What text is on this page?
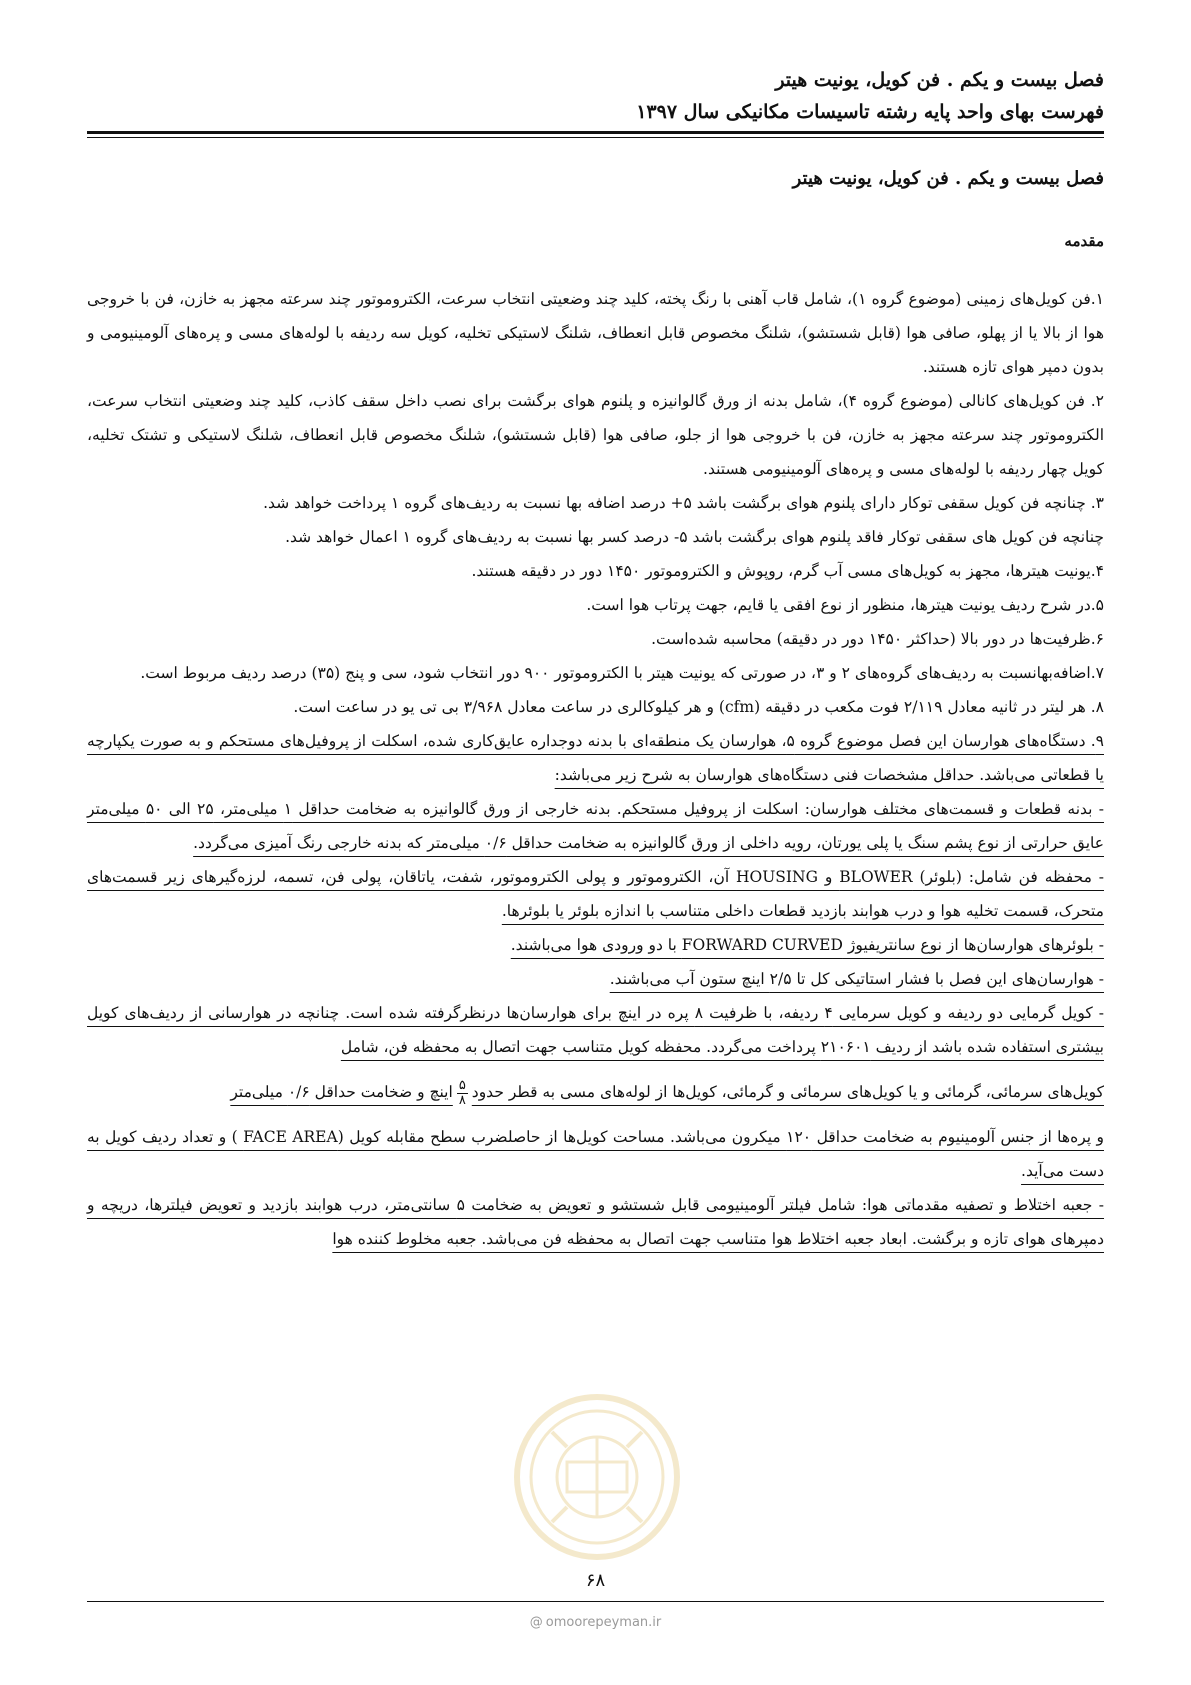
فصل بیست و یکم . فن کویل، یونیت هیتر
فهرست بهای واحد پایه رشته تاسیسات مکانیکی سال ۱۳۹۷
فصل بیست و یکم . فن کویل، یونیت هیتر
مقدمه

۱.فن کویل‌های زمینی (موضوع گروه ۱)، شامل قاب آهنی با رنگ پخته، کلید چند وضعیتی انتخاب سرعت، الکتروموتور چند سرعته مجهز به خازن، فن با خروجی هوا از بالا یا از پهلو، صافی هوا (قابل شستشو)، شلنگ مخصوص قابل انعطاف، شلنگ لاستیکی تخلیه، کویل سه ردیفه با لوله‌های مسی و پره‌های آلومینیومی و بدون دمپر هوای تازه هستند.

۲. فن کویل‌های کانالی (موضوع گروه ۴)، شامل بدنه از ورق گالوانیزه و پلنوم هوای برگشت برای نصب داخل سقف کاذب، کلید چند وضعیتی انتخاب سرعت، الکتروموتور چند سرعته مجهز به خازن، فن با خروجی هوا از جلو، صافی هوا (قابل شستشو)، شلنگ مخصوص قابل انعطاف، شلنگ لاستیکی و تشتک تخلیه، کویل چهار ردیفه با لوله‌های مسی و پره‌های آلومینیومی هستند.

۳. چنانچه فن کویل سقفی توکار دارای پلنوم هوای برگشت باشد ۵+ درصد اضافه بها نسبت به ردیف‌های گروه ۱ پرداخت خواهد شد.

چنانچه فن کویل های سقفی توکار فاقد پلنوم هوای برگشت باشد ۵- درصد کسر بها نسبت به ردیف‌های گروه ۱ اعمال خواهد شد.

۴.یونیت هیترها، مجهز به کویل‌های مسی آب گرم، روپوش و الکتروموتور ۱۴۵۰ دور در دقیقه هستند.

۵.در شرح ردیف یونیت هیترها، منظور از نوع افقی یا قایم، جهت پرتاب هوا است.

۶.ظرفیت‌ها در دور بالا (حداکثر ۱۴۵۰ دور در دقیقه) محاسبه شده‌است.

۷.اضافه‌بهانسبت به ردیف‌های گروه‌های ۲ و ۳، در صورتی که یونیت هیتر با الکتروموتور ۹۰۰ دور انتخاب شود، سی و پنج (۳۵) درصد ردیف مربوط است.

۸. هر لیتر در ثانیه معادل ۲/۱۱۹ فوت مکعب در دقیقه (cfm) و هر کیلوکالری در ساعت معادل ۳/۹۶۸ بی تی یو در ساعت است.

۹. دستگاه‌های هوارسان این فصل موضوع گروه ۵، هوارسان یک منطقه‌ای با بدنه دوجداره عایق‌کاری شده، اسکلت از پروفیل‌های مستحکم و به صورت یکپارچه یا قطعاتی می‌باشد. حداقل مشخصات فنی دستگاه‌های هوارسان به شرح زیر می‌باشد:

- بدنه قطعات و قسمت‌های مختلف هوارسان: اسکلت از پروفیل مستحکم. بدنه خارجی از ورق گالوانیزه به ضخامت حداقل ۱ میلی‌متر، ۲۵ الی ۵۰ میلی‌متر عایق حرارتی از نوع پشم سنگ یا پلی یورتان، رویه داخلی از ورق گالوانیزه به ضخامت حداقل ۰/۶ میلی‌متر که بدنه خارجی رنگ آمیزی می‌گردد.

- محفظه فن شامل: (بلوئر) BLOWER و HOUSING آن، الکتروموتور و پولی الکتروموتور، شفت، یاتاقان، پولی فن، تسمه، لرزه‌گیرهای زیر قسمت‌های متحرک، قسمت تخلیه هوا و درب هوابند بازدید قطعات داخلی متناسب با اندازه بلوئر یا بلوئرها.

- بلوئرهای هوارسان‌ها از نوع سانتریفیوژ FORWARD CURVED با دو ورودی هوا می‌باشند.

- هوارسان‌های این فصل با فشار استاتیکی کل تا ۲/۵ اینچ ستون آب می‌باشند.

- کویل گرمایی دو ردیفه و کویل سرمایی ۴ ردیفه، با ظرفیت ۸ پره در اینچ برای هوارسان‌ها درنظرگرفته شده است. چنانچه در هوارسانی از ردیف‌های کویل بیشتری استفاده شده باشد از ردیف ۲۱۰۶۰۱ پرداخت می‌گردد. محفظه کویل متناسب جهت اتصال به محفظه فن، شامل

کویل‌های سرمائی، گرمائی و یا کویل‌های سرمائی و گرمائی، کویل‌ها از لوله‌های مسی به قطر حدود
$\frac{۵}{۸}$
اینچ و ضخامت حداقل ۰/۶ میلی‌متر

و پره‌ها از جنس آلومینیوم به ضخامت حداقل ۱۲۰ میکرون می‌باشد. مساحت کویل‌ها از حاصلضرب سطح مقابله کویل (FACE AREA ) و تعداد ردیف کویل به دست می‌آید.

- جعبه اختلاط و تصفیه مقدماتی هوا: شامل فیلتر آلومینیومی قابل شستشو و تعویض به ضخامت ۵ سانتی‌متر، درب هوابند بازدید و تعویض فیلترها، دریچه و دمپرهای هوای تازه و برگشت. ابعاد جعبه اختلاط هوا متناسب جهت اتصال به محفظه فن می‌باشد. جعبه مخلوط کننده هوا

۶۸
@ omoorepeyman.ir
